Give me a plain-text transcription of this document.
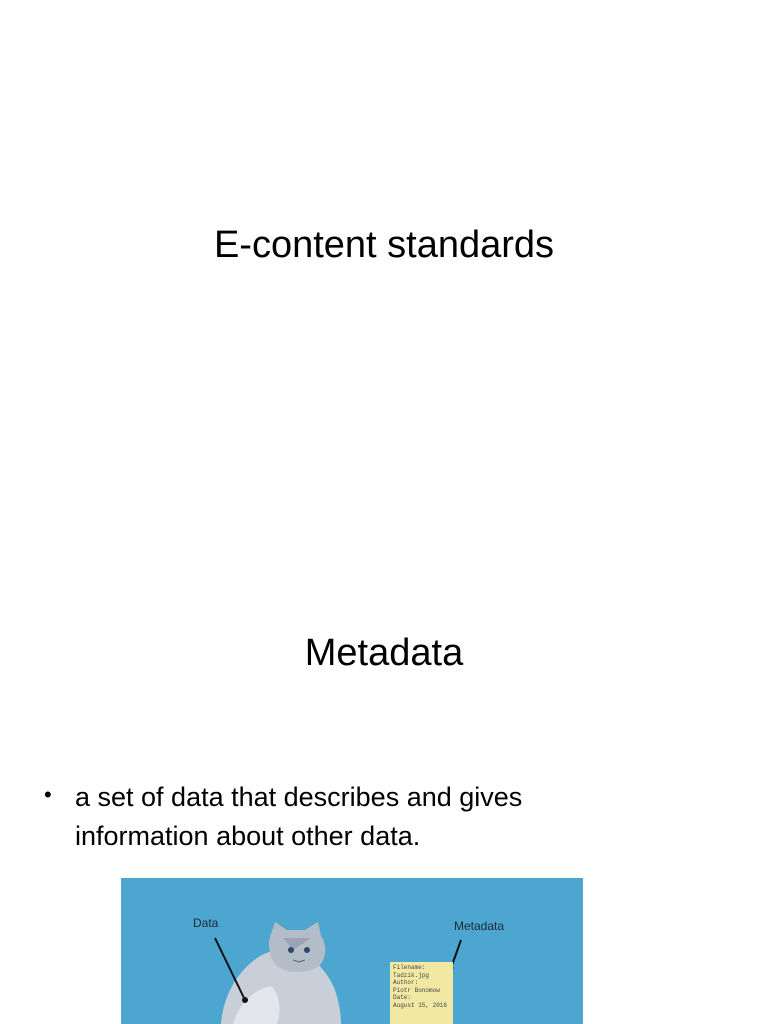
E-content standards
Metadata
• a set of data that describes and gives information about other data.
Data	Metadata
Filename:
Tadzik.jpg
Author:
Piotr Bonomow
Date:
August 15, 2016
